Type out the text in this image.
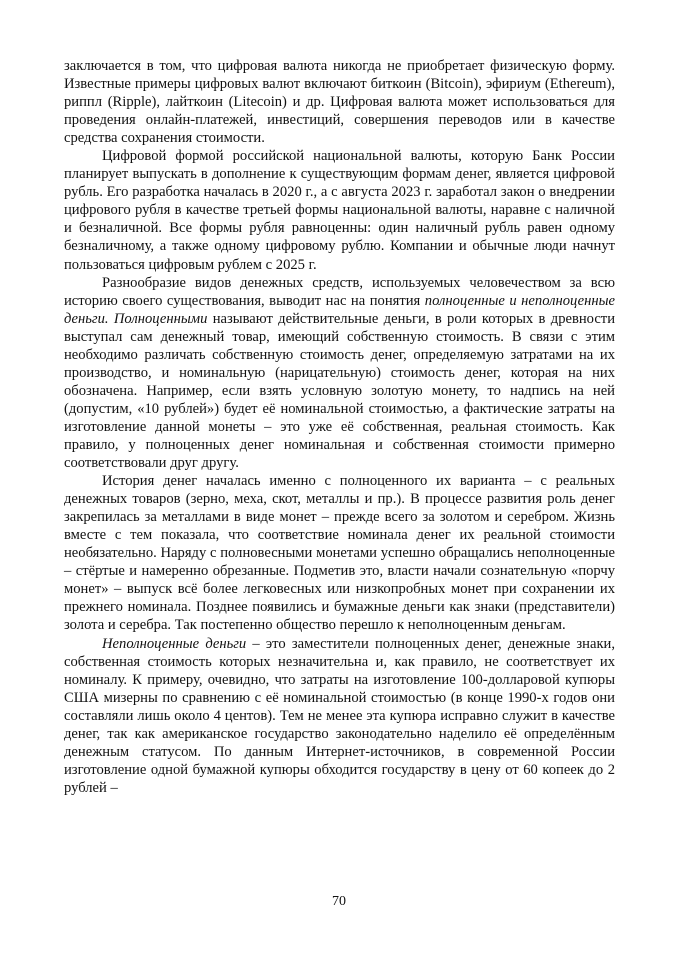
заключается в том, что цифровая валюта никогда не приобретает физическую форму. Известные примеры цифровых валют включают биткоин (Bitcoin), эфириум (Ethereum), риппл (Ripple), лайткоин (Litecoin) и др. Цифровая валюта может использоваться для проведения онлайн-платежей, инвестиций, совершения переводов или в качестве средства сохранения стоимости.

Цифровой формой российской национальной валюты, которую Банк России планирует выпускать в дополнение к существующим формам денег, является цифровой рубль. Его разработка началась в 2020 г., а с августа 2023 г. заработал закон о внедрении цифрового рубля в качестве третьей формы национальной валюты, наравне с наличной и безналичной. Все формы рубля равноценны: один наличный рубль равен одному безналичному, а также одному цифровому рублю. Компании и обычные люди начнут пользоваться цифровым рублем с 2025 г.

Разнообразие видов денежных средств, используемых человечеством за всю историю своего существования, выводит нас на понятия полноценные и неполноценные деньги. Полноценными называют действительные деньги, в роли которых в древности выступал сам денежный товар, имеющий собственную стоимость. В связи с этим необходимо различать собственную стоимость денег, определяемую затратами на их производство, и номинальную (нарицательную) стоимость денег, которая на них обозначена. Например, если взять условную золотую монету, то надпись на ней (допустим, «10 рублей») будет её номинальной стоимостью, а фактические затраты на изготовление данной монеты – это уже её собственная, реальная стоимость. Как правило, у полноценных денег номинальная и собственная стоимости примерно соответствовали друг другу.

История денег началась именно с полноценного их варианта – с реальных денежных товаров (зерно, меха, скот, металлы и пр.). В процессе развития роль денег закрепилась за металлами в виде монет – прежде всего за золотом и серебром. Жизнь вместе с тем показала, что соответствие номинала денег их реальной стоимости необязательно. Наряду с полновесными монетами успешно обращались неполноценные – стёртые и намеренно обрезанные. Подметив это, власти начали сознательную «порчу монет» – выпуск всё более легковесных или низкопробных монет при сохранении их прежнего номинала. Позднее появились и бумажные деньги как знаки (представители) золота и серебра. Так постепенно общество перешло к неполноценным деньгам.

Неполноценные деньги – это заместители полноценных денег, денежные знаки, собственная стоимость которых незначительна и, как правило, не соответствует их номиналу. К примеру, очевидно, что затраты на изготовление 100-долларовой купюры США мизерны по сравнению с её номинальной стоимостью (в конце 1990-х годов они составляли лишь около 4 центов). Тем не менее эта купюра исправно служит в качестве денег, так как американское государство законодательно наделило её определённым денежным статусом. По данным Интернет-источников, в современной России изготовление одной бумажной купюры обходится государству в цену от 60 копеек до 2 рублей –

70
